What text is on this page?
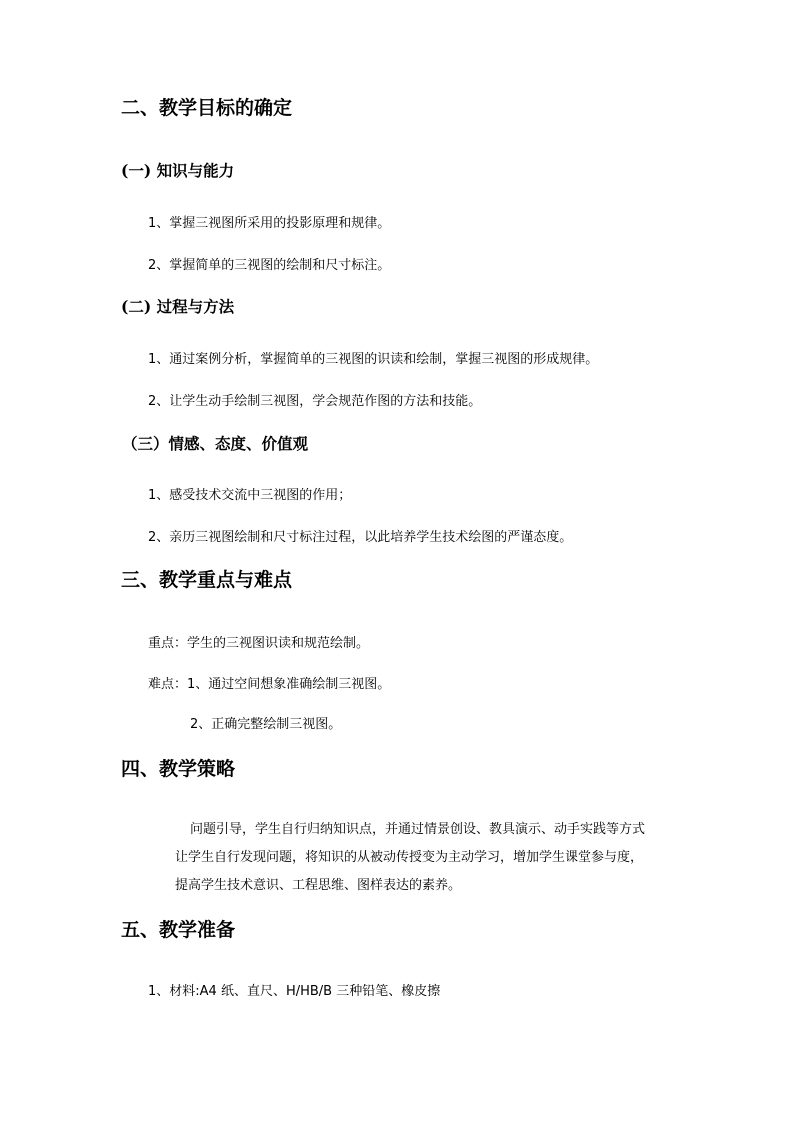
二、教学目标的确定
(一) 知识与能力
1、掌握三视图所采用的投影原理和规律。
2、掌握简单的三视图的绘制和尺寸标注。
(二) 过程与方法
1、通过案例分析，掌握简单的三视图的识读和绘制，掌握三视图的形成规律。
2、让学生动手绘制三视图，学会规范作图的方法和技能。
（三）情感、态度、价值观
1、感受技术交流中三视图的作用；
2、亲历三视图绘制和尺寸标注过程，以此培养学生技术绘图的严谨态度。
三、教学重点与难点
重点：学生的三视图识读和规范绘制。
难点：1、通过空间想象准确绘制三视图。
2、正确完整绘制三视图。
四、教学策略
问题引导，学生自行归纳知识点，并通过情景创设、教具演示、动手实践等方式
让学生自行发现问题，将知识的从被动传授变为主动学习，增加学生课堂参与度，
提高学生技术意识、工程思维、图样表达的素养。
五、教学准备
1、材料:A4 纸、直尺、H/HB/B 三种铅笔、橡皮擦
